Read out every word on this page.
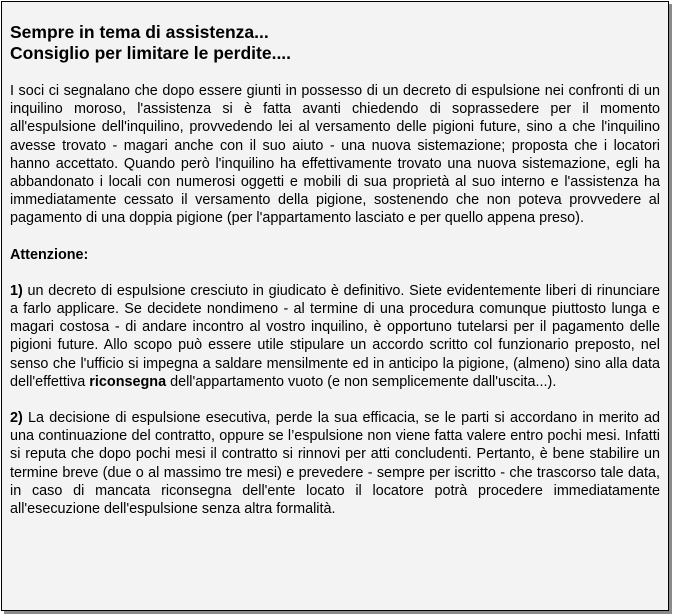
Sempre in tema di assistenza...
Consiglio per limitare le perdite....

I soci ci segnalano che dopo essere giunti in possesso di un decreto di espulsione nei confronti di un inquilino moroso, l'assistenza si è fatta avanti chiedendo di soprassedere per il momento all'espulsione dell'inquilino, provvedendo lei al versamento delle pigioni future, sino a che l'inquilino avesse trovato - magari anche con il suo aiuto - una nuova sistemazione; proposta che i locatori hanno accettato. Quando però l'inquilino ha effettivamente trovato una nuova sistemazione, egli ha abbandonato i locali con numerosi oggetti e mobili di sua proprietà al suo interno e l'assistenza ha immediatamente cessato il versamento della pigione, sostenendo che non poteva provvedere al pagamento di una doppia pigione (per l'appartamento lasciato e per quello appena preso).

Attenzione:

1) un decreto di espulsione cresciuto in giudicato è definitivo. Siete evidentemente liberi di rinunciare a farlo applicare. Se decidete nondimeno - al termine di una procedura comunque piuttosto lunga e magari costosa - di andare incontro al vostro inquilino, è opportuno tutelarsi per il pagamento delle pigioni future. Allo scopo può essere utile stipulare un accordo scritto col funzionario preposto, nel senso che l'ufficio si impegna a saldare mensilmente ed in anticipo la pigione, (almeno) sino alla data dell'effettiva riconsegna dell'appartamento vuoto (e non semplicemente dall'uscita...).

2) La decisione di espulsione esecutiva, perde la sua efficacia, se le parti si accordano in merito ad una continuazione del contratto, oppure se l’espulsione non viene fatta valere entro pochi mesi. Infatti si reputa che dopo pochi mesi il contratto si rinnovi per atti concludenti. Pertanto, è bene stabilire un termine breve (due o al massimo tre mesi) e prevedere - sempre per iscritto - che trascorso tale data, in caso di mancata riconsegna dell'ente locato il locatore potrà procedere immediatamente all'esecuzione dell'espulsione senza altra formalità.
